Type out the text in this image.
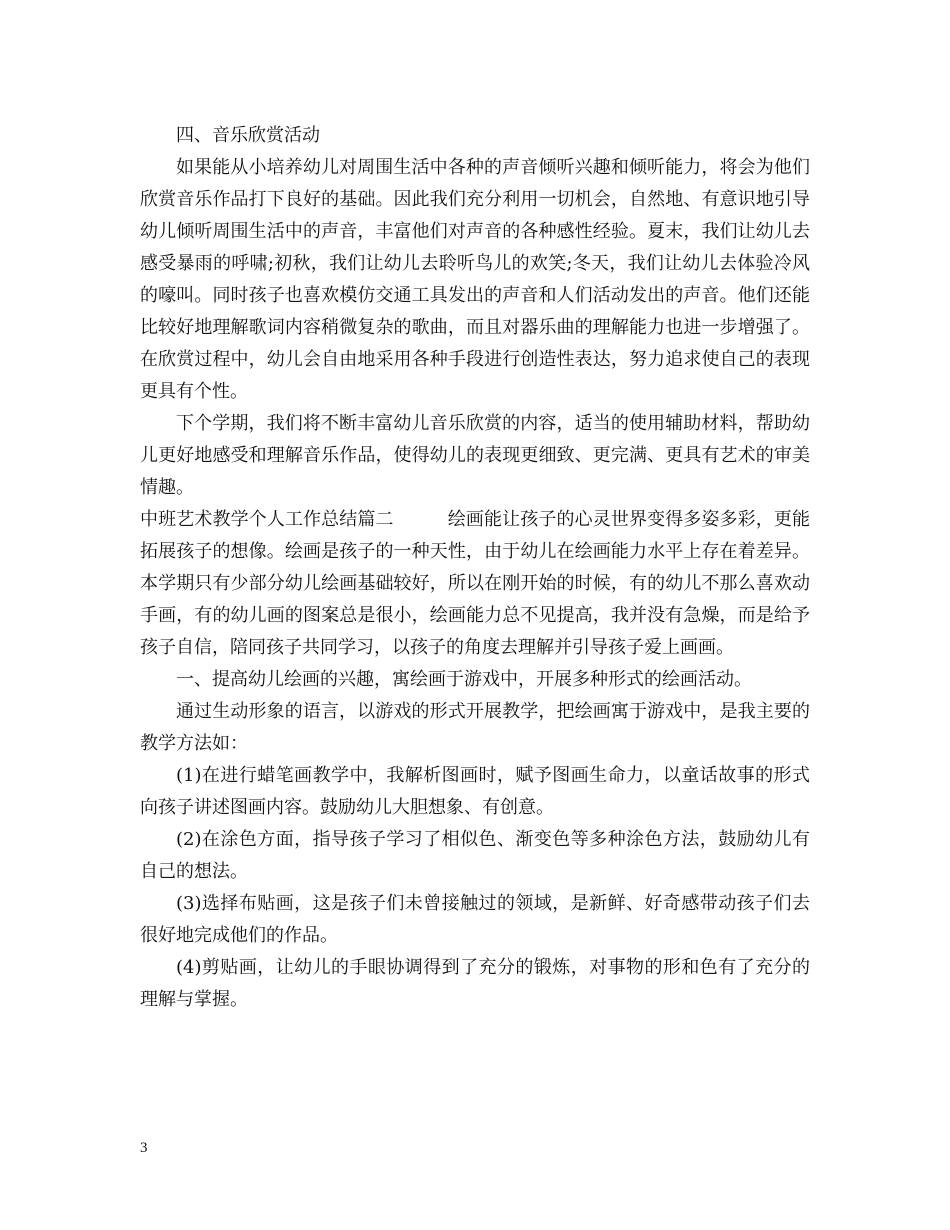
四、音乐欣赏活动

如果能从小培养幼儿对周围生活中各种的声音倾听兴趣和倾听能力，将会为他们欣赏音乐作品打下良好的基础。因此我们充分利用一切机会，自然地、有意识地引导幼儿倾听周围生活中的声音，丰富他们对声音的各种感性经验。夏末，我们让幼儿去感受暴雨的呼啸;初秋，我们让幼儿去聆听鸟儿的欢笑;冬天，我们让幼儿去体验冷风的嚎叫。同时孩子也喜欢模仿交通工具发出的声音和人们活动发出的声音。他们还能比较好地理解歌词内容稍微复杂的歌曲，而且对器乐曲的理解能力也进一步增强了。在欣赏过程中，幼儿会自由地采用各种手段进行创造性表达，努力追求使自己的表现更具有个性。

下个学期，我们将不断丰富幼儿音乐欣赏的内容，适当的使用辅助材料，帮助幼儿更好地感受和理解音乐作品，使得幼儿的表现更细致、更完满、更具有艺术的审美情趣。

中班艺术教学个人工作总结篇二	绘画能让孩子的心灵世界变得多姿多彩，更能拓展孩子的想像。绘画是孩子的一种天性，由于幼儿在绘画能力水平上存在着差异。本学期只有少部分幼儿绘画基础较好，所以在刚开始的时候，有的幼儿不那么喜欢动手画，有的幼儿画的图案总是很小，绘画能力总不见提高，我并没有急燥，而是给予孩子自信，陪同孩子共同学习，以孩子的角度去理解并引导孩子爱上画画。

一、提高幼儿绘画的兴趣，寓绘画于游戏中，开展多种形式的绘画活动。

通过生动形象的语言，以游戏的形式开展教学，把绘画寓于游戏中，是我主要的教学方法如：

(1)在进行蜡笔画教学中，我解析图画时，赋予图画生命力，以童话故事的形式向孩子讲述图画内容。鼓励幼儿大胆想象、有创意。

(2)在涂色方面，指导孩子学习了相似色、渐变色等多种涂色方法，鼓励幼儿有自己的想法。

(3)选择布贴画，这是孩子们未曾接触过的领域，是新鲜、好奇感带动孩子们去很好地完成他们的作品。

(4)剪贴画，让幼儿的手眼协调得到了充分的锻炼，对事物的形和色有了充分的理解与掌握。

3
